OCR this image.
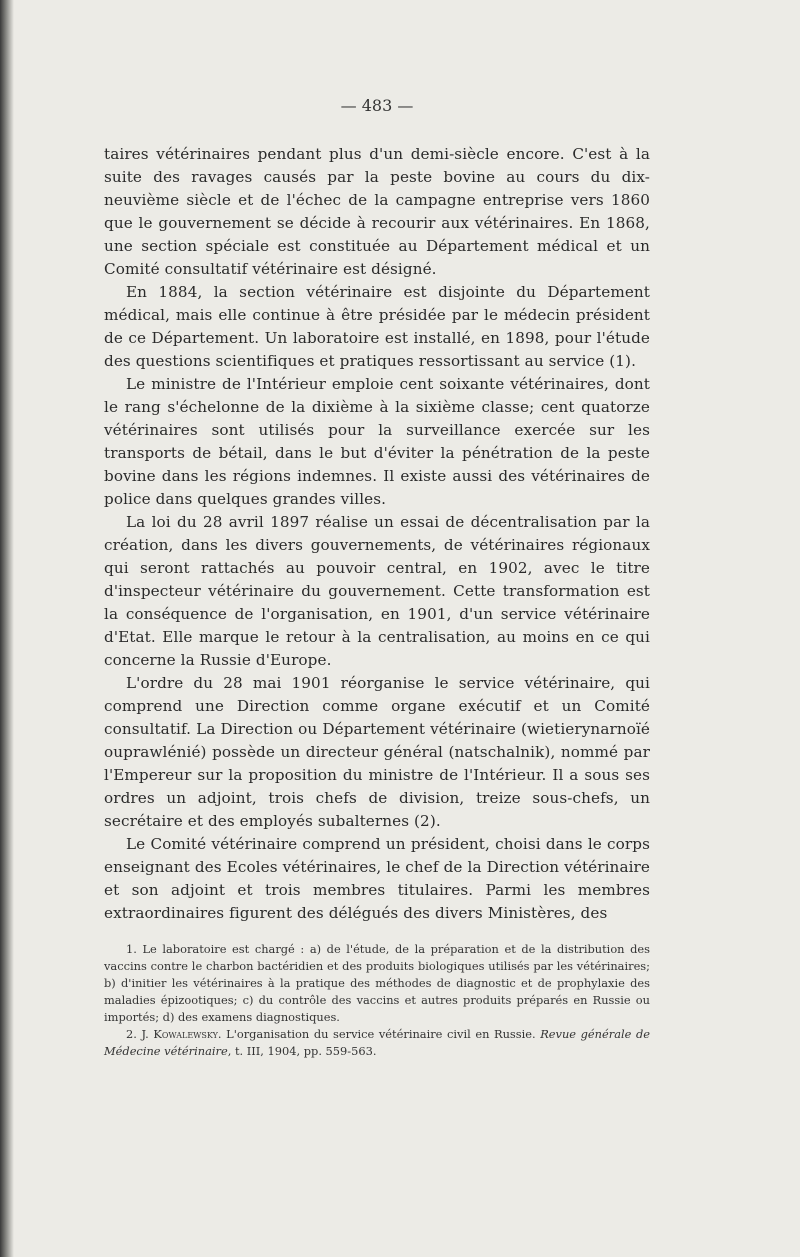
— 483 —

taires vétérinaires pendant plus d'un demi-siècle encore. C'est à la suite des ravages causés par la peste bovine au cours du dix-neuvième siècle et de l'échec de la campagne entreprise vers 1860 que le gouvernement se décide à recourir aux vétérinaires. En 1868, une section spéciale est constituée au Département médical et un Comité consultatif vétérinaire est désigné.

En 1884, la section vétérinaire est disjointe du Département médical, mais elle continue à être présidée par le médecin président de ce Département. Un laboratoire est installé, en 1898, pour l'étude des questions scientifiques et pratiques ressortissant au service (1).

Le ministre de l'Intérieur emploie cent soixante vétérinaires, dont le rang s'échelonne de la dixième à la sixième classe; cent quatorze vétérinaires sont utilisés pour la surveillance exercée sur les transports de bétail, dans le but d'éviter la pénétration de la peste bovine dans les régions indemnes. Il existe aussi des vétérinaires de police dans quelques grandes villes.

La loi du 28 avril 1897 réalise un essai de décentralisation par la création, dans les divers gouvernements, de vétérinaires régionaux qui seront rattachés au pouvoir central, en 1902, avec le titre d'inspecteur vétérinaire du gouvernement. Cette transformation est la conséquence de l'organisation, en 1901, d'un service vétérinaire d'Etat. Elle marque le retour à la centralisation, au moins en ce qui concerne la Russie d'Europe.

L'ordre du 28 mai 1901 réorganise le service vétérinaire, qui comprend une Direction comme organe exécutif et un Comité consultatif. La Direction ou Département vétérinaire (wietierynarnoïé ouprawlénié) possède un directeur général (natschalnik), nommé par l'Empereur sur la proposition du ministre de l'Intérieur. Il a sous ses ordres un adjoint, trois chefs de division, treize sous-chefs, un secrétaire et des employés subalternes (2).

Le Comité vétérinaire comprend un président, choisi dans le corps enseignant des Ecoles vétérinaires, le chef de la Direction vétérinaire et son adjoint et trois membres titulaires. Parmi les membres extraordinaires figurent des délégués des divers Ministères, des

1. Le laboratoire est chargé : a) de l'étude, de la préparation et de la distribution des vaccins contre le charbon bactéridien et des produits biologiques utilisés par les vétérinaires; b) d'initier les vétérinaires à la pratique des méthodes de diagnostic et de prophylaxie des maladies épizootiques; c) du contrôle des vaccins et autres produits préparés en Russie ou importés; d) des examens diagnostiques.

2. J. Kowalewsky. L'organisation du service vétérinaire civil en Russie. Revue générale de Médecine vétérinaire, t. III, 1904, pp. 559-563.
